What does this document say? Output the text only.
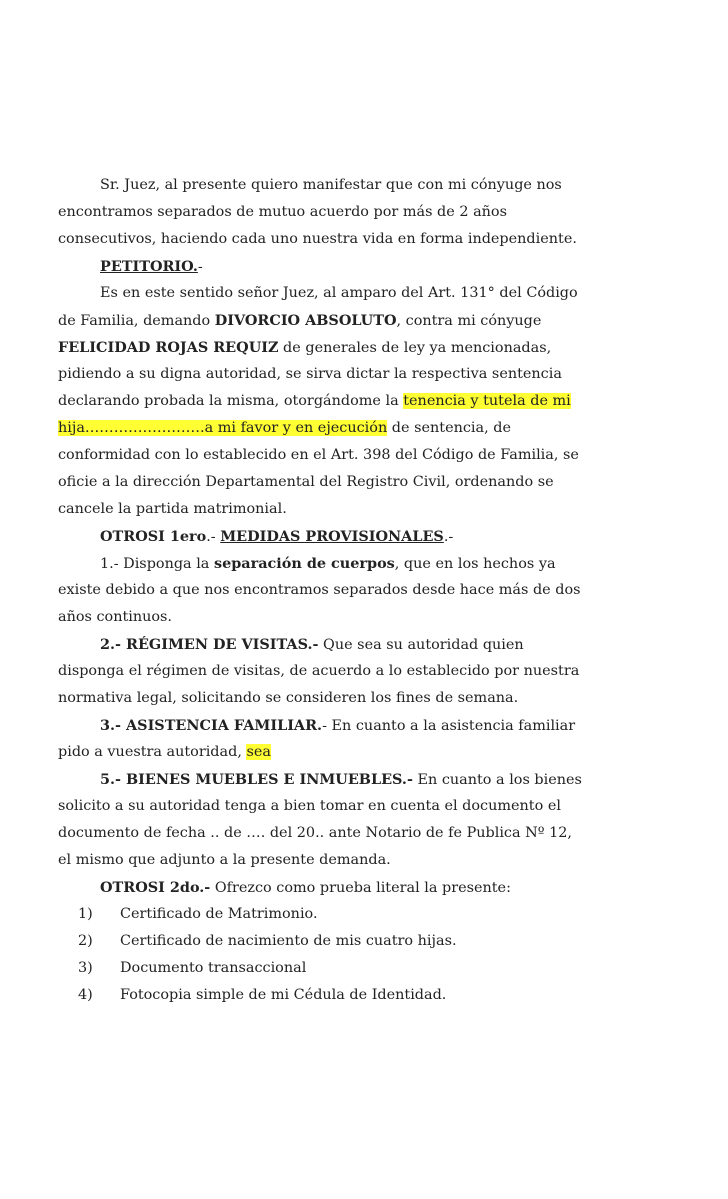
Sr. Juez, al presente quiero manifestar que con mi cónyuge nos
encontramos separados de mutuo acuerdo por más de 2 años
consecutivos, haciendo cada uno nuestra vida en forma independiente.
PETITORIO.-
Es en este sentido señor Juez, al amparo del Art. 131° del Código
de Familia, demando DIVORCIO ABSOLUTO, contra mi cónyuge
FELICIDAD ROJAS REQUIZ de generales de ley ya mencionadas,
pidiendo a su digna autoridad, se sirva dictar la respectiva sentencia
declarando probada la misma, otorgándome la tenencia y tutela de mi
hija…………………….a mi favor y en ejecución de sentencia, de
conformidad con lo establecido en el Art. 398 del Código de Familia, se
oficie a la dirección Departamental del Registro Civil, ordenando se
cancele la partida matrimonial.
OTROSI 1ero.- MEDIDAS PROVISIONALES.-
1.- Disponga la separación de cuerpos, que en los hechos ya
existe debido a que nos encontramos separados desde hace más de dos
años continuos.
2.- RÉGIMEN DE VISITAS.- Que sea su autoridad quien
disponga el régimen de visitas, de acuerdo a lo establecido por nuestra
normativa legal, solicitando se consideren los fines de semana.
3.- ASISTENCIA FAMILIAR.- En cuanto a la asistencia familiar
pido a vuestra autoridad, sea
5.- BIENES MUEBLES E INMUEBLES.- En cuanto a los bienes
solicito a su autoridad tenga a bien tomar en cuenta el documento el
documento de fecha .. de …. del 20.. ante Notario de fe Publica Nº 12,
el mismo que adjunto a la presente demanda.
OTROSI 2do.- Ofrezco como prueba literal la presente:
1) Certificado de Matrimonio.
2) Certificado de nacimiento de mis cuatro hijas.
3) Documento transaccional
4) Fotocopia simple de mi Cédula de Identidad.
